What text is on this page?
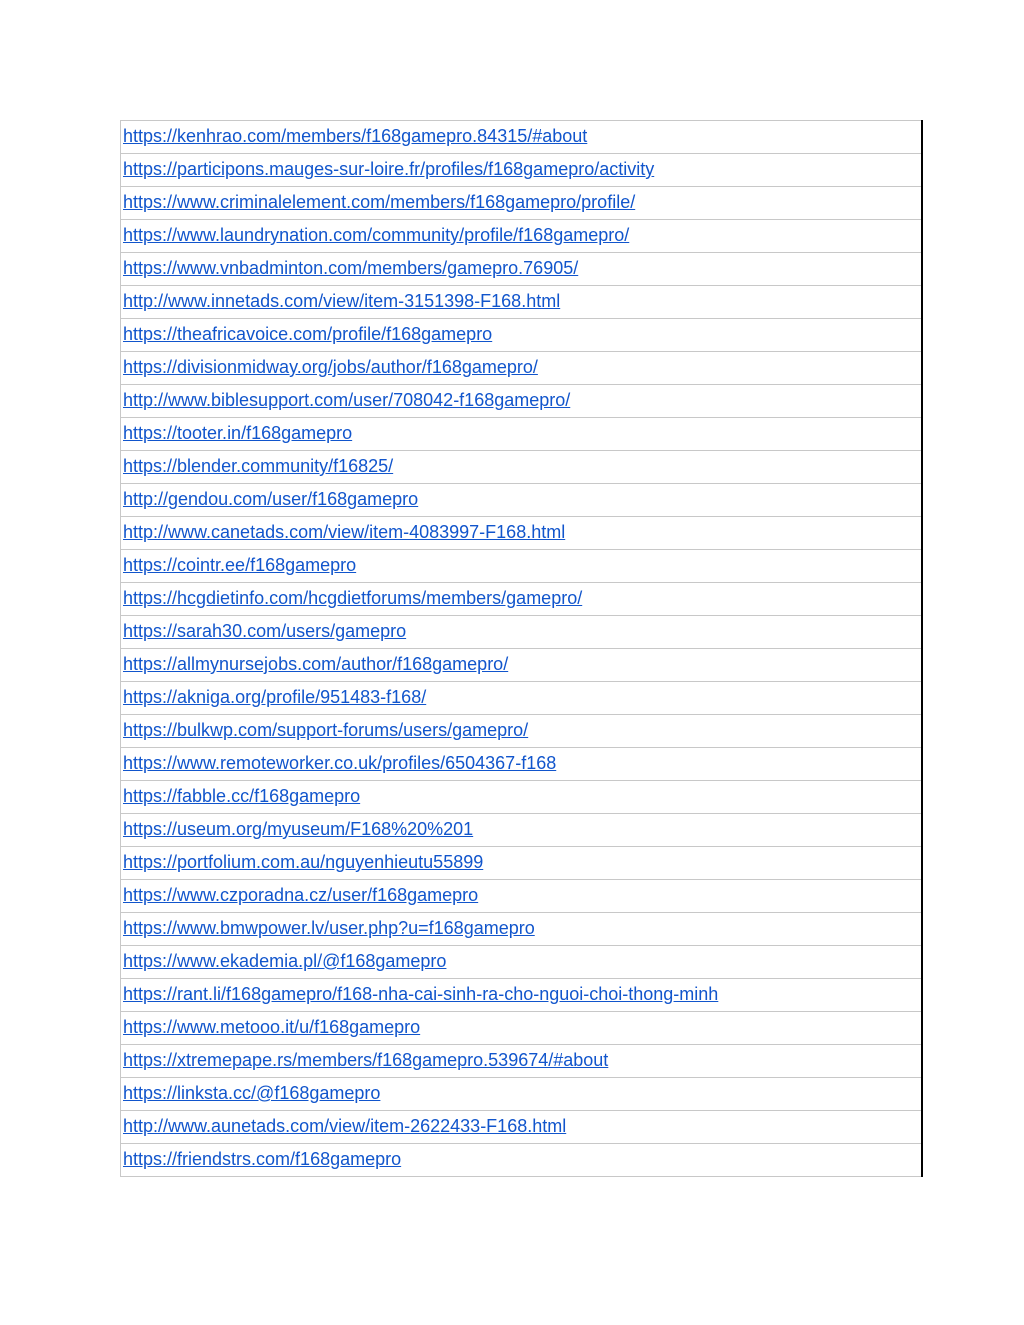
https://kenhrao.com/members/f168gamepro.84315/#about
https://participons.mauges-sur-loire.fr/profiles/f168gamepro/activity
https://www.criminalelement.com/members/f168gamepro/profile/
https://www.laundrynation.com/community/profile/f168gamepro/
https://www.vnbadminton.com/members/gamepro.76905/
http://www.innetads.com/view/item-3151398-F168.html
https://theafricavoice.com/profile/f168gamepro
https://divisionmidway.org/jobs/author/f168gamepro/
http://www.biblesupport.com/user/708042-f168gamepro/
https://tooter.in/f168gamepro
https://blender.community/f16825/
http://gendou.com/user/f168gamepro
http://www.canetads.com/view/item-4083997-F168.html
https://cointr.ee/f168gamepro
https://hcgdietinfo.com/hcgdietforums/members/gamepro/
https://sarah30.com/users/gamepro
https://allmynursejobs.com/author/f168gamepro/
https://akniga.org/profile/951483-f168/
https://bulkwp.com/support-forums/users/gamepro/
https://www.remoteworker.co.uk/profiles/6504367-f168
https://fabble.cc/f168gamepro
https://useum.org/myuseum/F168%20%201
https://portfolium.com.au/nguyenhieutu55899
https://www.czporadna.cz/user/f168gamepro
https://www.bmwpower.lv/user.php?u=f168gamepro
https://www.ekademia.pl/@f168gamepro
https://rant.li/f168gamepro/f168-nha-cai-sinh-ra-cho-nguoi-choi-thong-minh
https://www.metooo.it/u/f168gamepro
https://xtremepape.rs/members/f168gamepro.539674/#about
https://linksta.cc/@f168gamepro
http://www.aunetads.com/view/item-2622433-F168.html
https://friendstrs.com/f168gamepro
